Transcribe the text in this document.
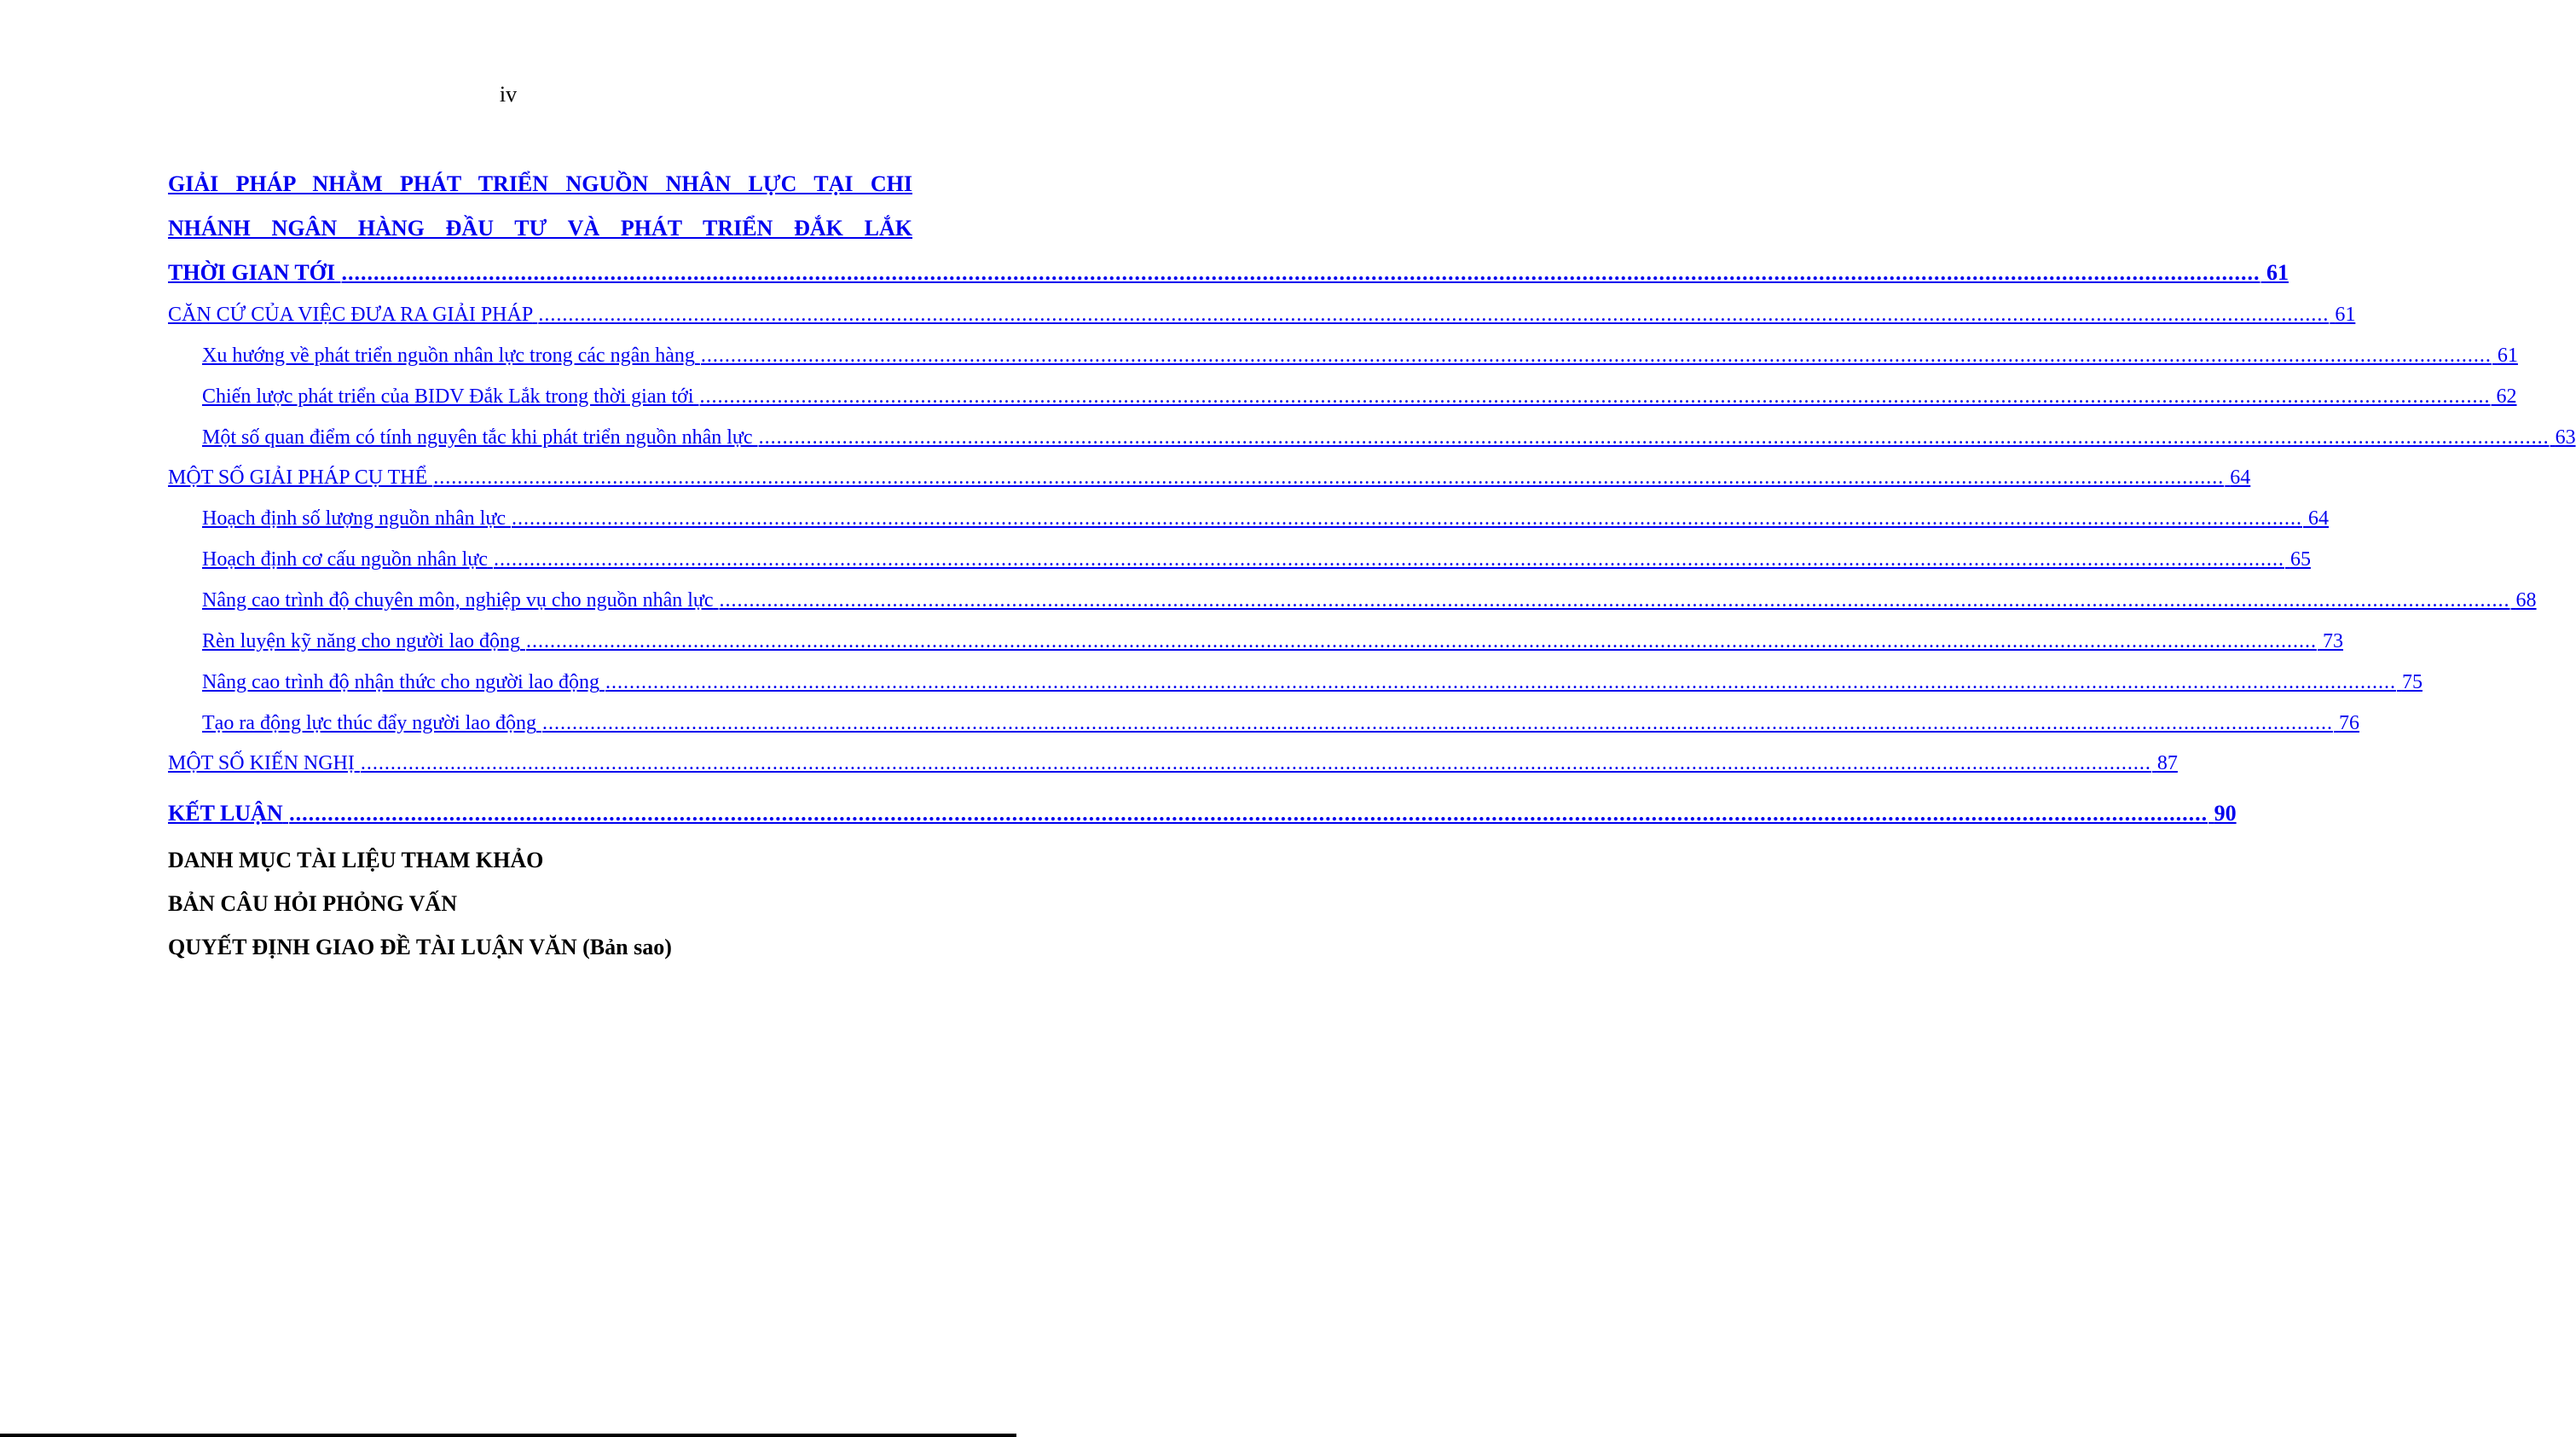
iv
GIẢI PHÁP NHẰM PHÁT TRIỂN NGUỒN NHÂN LỰC TẠI CHI
NHÁNH NGÂN HÀNG ĐẦU TƯ VÀ PHÁT TRIỂN ĐẮK LẮK
THỜI GIAN TỚI ............................................................................................................................................................................................................................................................................................................ 61
CĂN CỨ CỦA VIỆC ĐƯA RA GIẢI PHÁP ............................................................................................................................................................................................................................................................................................................ 61
Xu hướng về phát triển nguồn nhân lực trong các ngân hàng ............................................................................................................................................................................................................................................................................................................ 61
Chiến lược phát triển của BIDV Đắk Lắk trong thời gian tới ............................................................................................................................................................................................................................................................................................................ 62
Một số quan điểm có tính nguyên tắc khi phát triển nguồn nhân lực ............................................................................................................................................................................................................................................................................................................ 63
MỘT SỐ GIẢI PHÁP CỤ THỂ ............................................................................................................................................................................................................................................................................................................ 64
Hoạch định số lượng nguồn nhân lực ............................................................................................................................................................................................................................................................................................................ 64
Hoạch định cơ cấu nguồn nhân lực ............................................................................................................................................................................................................................................................................................................ 65
Nâng cao trình độ chuyên môn, nghiệp vụ cho nguồn nhân lực ............................................................................................................................................................................................................................................................................................................ 68
Rèn luyện kỹ năng cho người lao động ............................................................................................................................................................................................................................................................................................................ 73
Nâng cao trình độ nhận thức cho người lao động ............................................................................................................................................................................................................................................................................................................ 75
Tạo ra động lực thúc đẩy người lao động ............................................................................................................................................................................................................................................................................................................ 76
MỘT SỐ KIẾN NGHỊ ............................................................................................................................................................................................................................................................................................................ 87
KẾT LUẬN ............................................................................................................................................................................................................................................................................................................ 90
DANH MỤC TÀI LIỆU THAM KHẢO
BẢN CÂU HỎI PHỎNG VẤN
QUYẾT ĐỊNH GIAO ĐỀ TÀI LUẬN VĂN (Bản sao)
